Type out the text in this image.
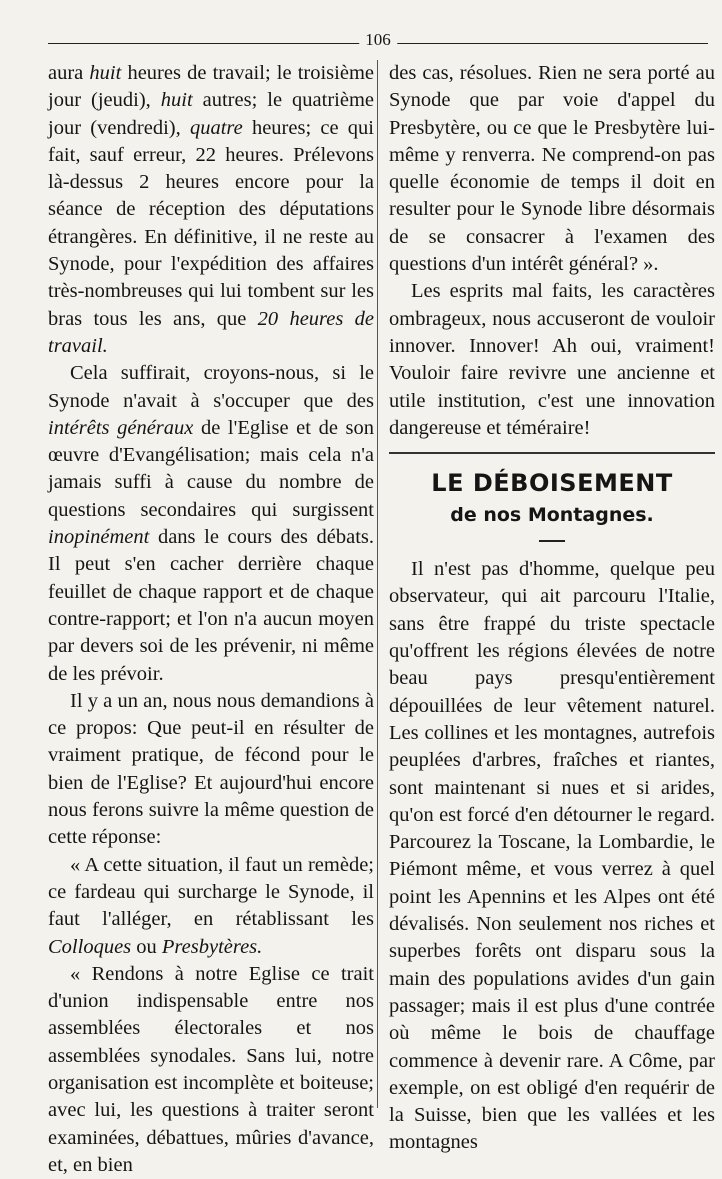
106

aura huit heures de travail; le troisième jour (jeudi), huit autres; le quatrième jour (vendredi), quatre heures; ce qui fait, sauf erreur, 22 heures. Prélevons là-dessus 2 heures encore pour la séance de réception des députations étrangères. En définitive, il ne reste au Synode, pour l'expédition des affaires très-nombreuses qui lui tombent sur les bras tous les ans, que 20 heures de travail.

Cela suffirait, croyons-nous, si le Synode n'avait à s'occuper que des intérêts généraux de l'Eglise et de son œuvre d'Evangélisation; mais cela n'a jamais suffi à cause du nombre de questions secondaires qui surgissent inopinément dans le cours des débats. Il peut s'en cacher derrière chaque feuillet de chaque rapport et de chaque contre-rapport; et l'on n'a aucun moyen par devers soi de les prévenir, ni même de les prévoir.

Il y a un an, nous nous demandions à ce propos: Que peut-il en résulter de vraiment pratique, de fécond pour le bien de l'Eglise? Et aujourd'hui encore nous ferons suivre la même question de cette réponse:

« A cette situation, il faut un remède; ce fardeau qui surcharge le Synode, il faut l'alléger, en rétablissant les Colloques ou Presbytères.

« Rendons à notre Eglise ce trait d'union indispensable entre nos assemblées électorales et nos assemblées synodales. Sans lui, notre organisation est incomplète et boiteuse; avec lui, les questions à traiter seront examinées, débattues, mûries d'avance, et, en bien

des cas, résolues. Rien ne sera porté au Synode que par voie d'appel du Presbytère, ou ce que le Presbytère lui-même y renverra. Ne comprend-on pas quelle économie de temps il doit en resulter pour le Synode libre désormais de se consacrer à l'examen des questions d'un intérêt général? ».

Les esprits mal faits, les caractères ombrageux, nous accuseront de vouloir innover. Innover! Ah oui, vraiment! Vouloir faire revivre une ancienne et utile institution, c'est une innovation dangereuse et téméraire!

LE DÉBOISEMENT
de nos Montagnes.

Il n'est pas d'homme, quelque peu observateur, qui ait parcouru l'Italie, sans être frappé du triste spectacle qu'offrent les régions élevées de notre beau pays presqu'entièrement dépouillées de leur vêtement naturel. Les collines et les montagnes, autrefois peuplées d'arbres, fraîches et riantes, sont maintenant si nues et si arides, qu'on est forcé d'en détourner le regard. Parcourez la Toscane, la Lombardie, le Piémont même, et vous verrez à quel point les Apennins et les Alpes ont été dévalisés. Non seulement nos riches et superbes forêts ont disparu sous la main des populations avides d'un gain passager; mais il est plus d'une contrée où même le bois de chauffage commence à devenir rare. A Côme, par exemple, on est obligé d'en requérir de la Suisse, bien que les vallées et les montagnes
